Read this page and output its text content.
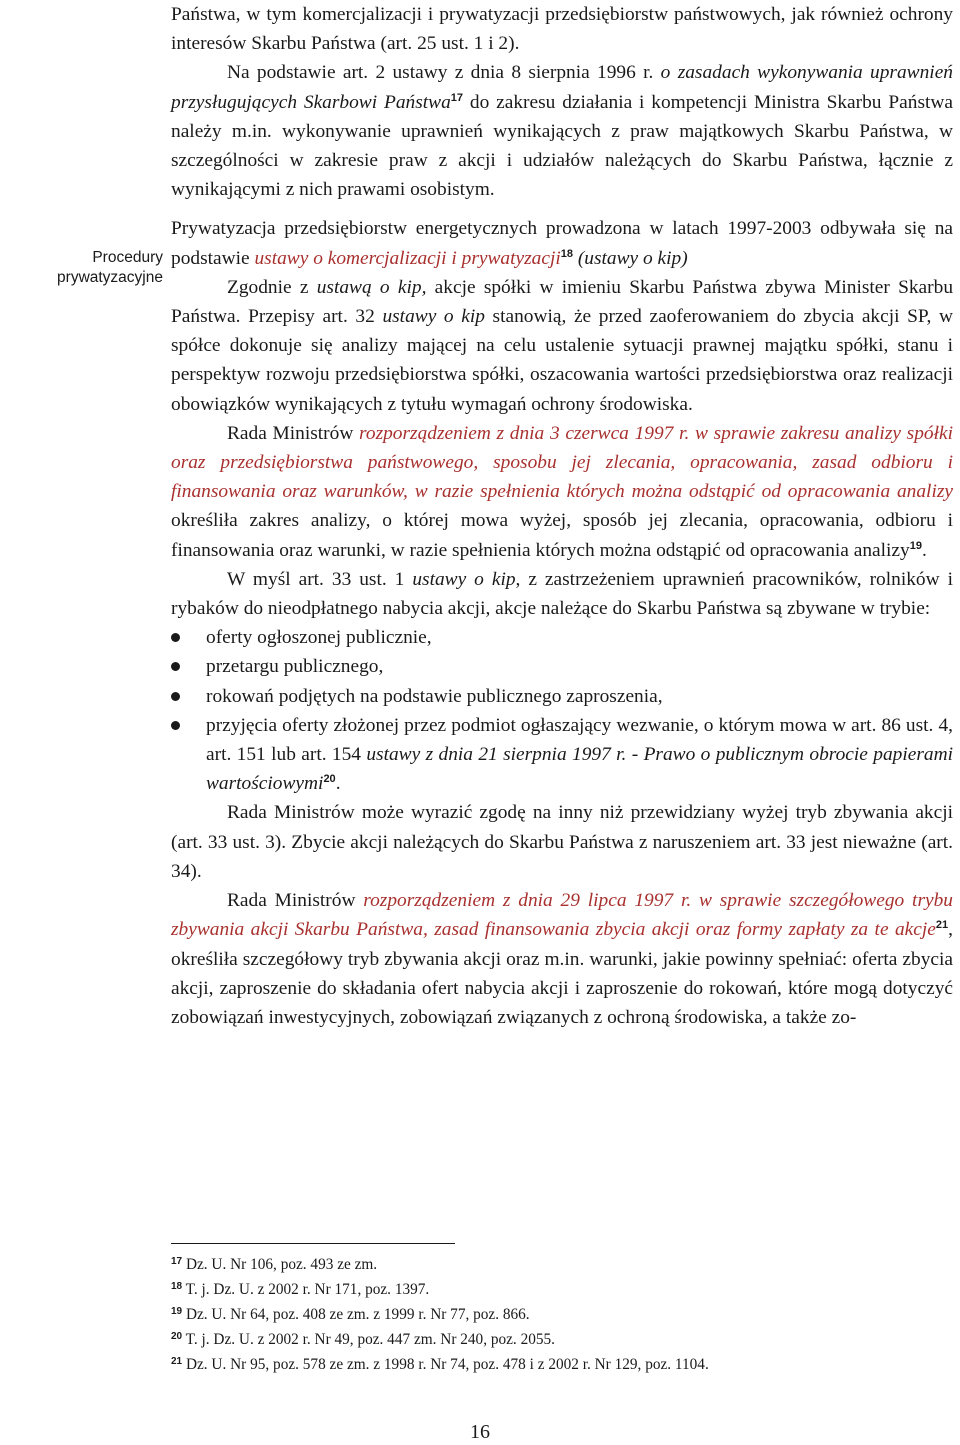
Procedury
prywatyzacyjne

Państwa, w tym komercjalizacji i prywatyzacji przedsiębiorstw państwowych, jak również ochrony interesów Skarbu Państwa (art. 25 ust. 1 i 2).

Na podstawie art. 2 ustawy z dnia 8 sierpnia 1996 r. o zasadach wykonywania uprawnień przysługujących Skarbowi Państwa$^{17}$ do zakresu działania i kompetencji Ministra Skarbu Państwa należy m.in. wykonywanie uprawnień wynikających z praw majątkowych Skarbu Państwa, w szczególności w zakresie praw z akcji i udziałów należących do Skarbu Państwa, łącznie z wynikającymi z nich prawami osobistym.

Prywatyzacja przedsiębiorstw energetycznych prowadzona w latach 1997-2003 odbywała się na podstawie ustawy o komercjalizacji i prywatyzacji$^{18}$ (ustawy o kip)

Zgodnie z ustawą o kip, akcje spółki w imieniu Skarbu Państwa zbywa Minister Skarbu Państwa. Przepisy art. 32 ustawy o kip stanowią, że przed zaoferowaniem do zbycia akcji SP, w spółce dokonuje się analizy mającej na celu ustalenie sytuacji prawnej majątku spółki, stanu i perspektyw rozwoju przedsiębiorstwa spółki, oszacowania wartości przedsiębiorstwa oraz realizacji obowiązków wynikających z tytułu wymagań ochrony środowiska.

Rada Ministrów rozporządzeniem z dnia 3 czerwca 1997 r. w sprawie zakresu analizy spółki oraz przedsiębiorstwa państwowego, sposobu jej zlecania, opracowania, zasad odbioru i finansowania oraz warunków, w razie spełnienia których można odstąpić od opracowania analizy określiła zakres analizy, o której mowa wyżej, sposób jej zlecania, opracowania, odbioru i finansowania oraz warunki, w razie spełnienia których można odstąpić od opracowania analizy$^{19}$.

W myśl art. 33 ust. 1 ustawy o kip, z zastrzeżeniem uprawnień pracowników, rolników i rybaków do nieodpłatnego nabycia akcji, akcje należące do Skarbu Państwa są zbywane w trybie:

oferty ogłoszonej publicznie,
przetargu publicznego,
rokowań podjętych na podstawie publicznego zaproszenia,
przyjęcia oferty złożonej przez podmiot ogłaszający wezwanie, o którym mowa w art. 86 ust. 4, art. 151 lub art. 154 ustawy z dnia 21 sierpnia 1997 r. - Prawo o publicznym obrocie papierami wartościowymi$^{20}$.

Rada Ministrów może wyrazić zgodę na inny niż przewidziany wyżej tryb zbywania akcji (art. 33 ust. 3). Zbycie akcji należących do Skarbu Państwa z naruszeniem art. 33 jest nieważne (art. 34).

Rada Ministrów rozporządzeniem z dnia 29 lipca 1997 r. w sprawie szczegółowego trybu zbywania akcji Skarbu Państwa, zasad finansowania zbycia akcji oraz formy zapłaty za te akcje$^{21}$, określiła szczegółowy tryb zbywania akcji oraz m.in. warunki, jakie powinny spełniać: oferta zbycia akcji, zaproszenie do składania ofert nabycia akcji i zaproszenie do rokowań, które mogą dotyczyć zobowiązań inwestycyjnych, zobowiązań związanych z ochroną środowiska, a także zo-

$^{17}$ Dz. U. Nr 106, poz. 493 ze zm.
$^{18}$ T. j. Dz. U. z 2002 r. Nr 171, poz. 1397.
$^{19}$ Dz. U. Nr 64, poz. 408 ze zm. z 1999 r. Nr 77, poz. 866.
$^{20}$ T. j. Dz. U. z 2002 r. Nr 49, poz. 447 zm. Nr 240, poz. 2055.
$^{21}$ Dz. U. Nr 95, poz. 578 ze zm. z 1998 r. Nr 74, poz. 478 i z 2002 r. Nr 129, poz. 1104.
16
